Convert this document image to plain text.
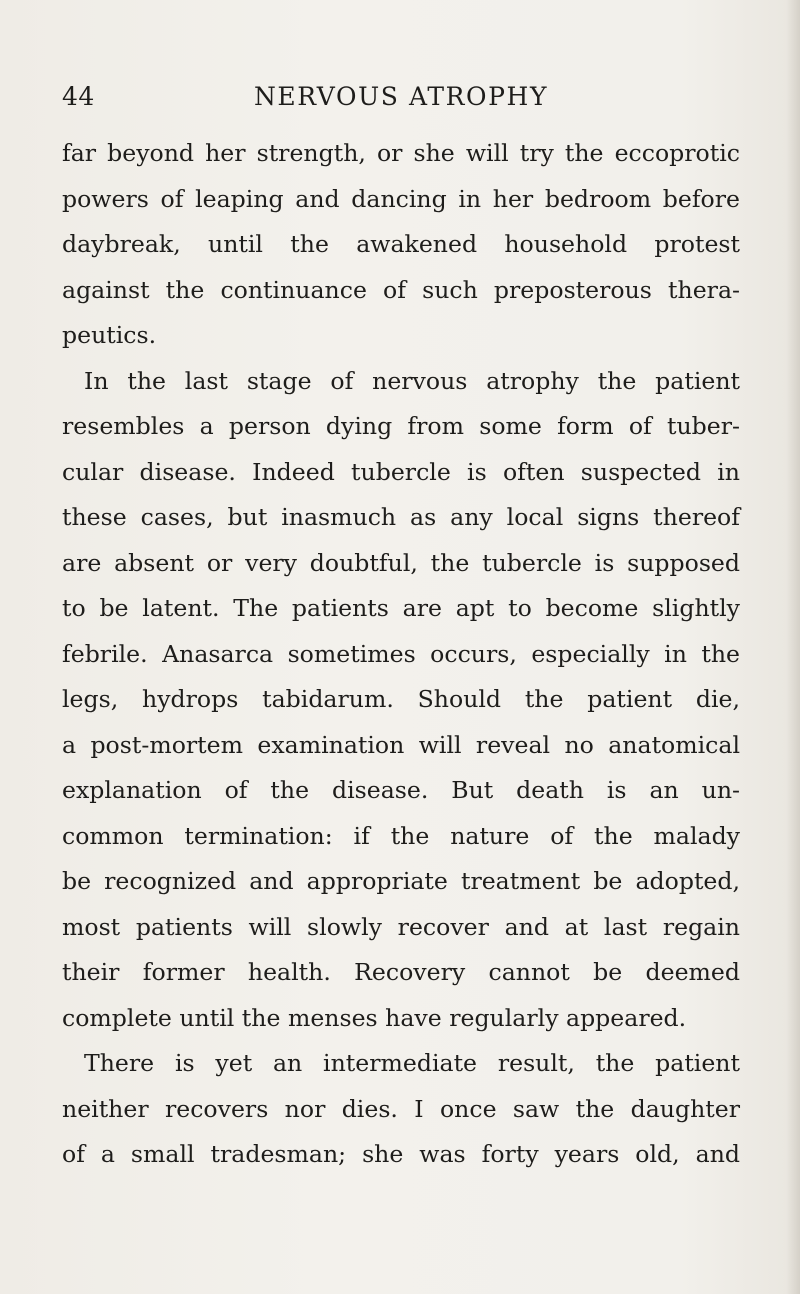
44	NERVOUS ATROPHY
far beyond her strength, or she will try the eccoprotic
powers of leaping and dancing in her bedroom before
daybreak, until the awakened household protest
against the continuance of such preposterous thera-
peutics.
In the last stage of nervous atrophy the patient
resembles a person dying from some form of tuber-
cular disease. Indeed tubercle is often suspected in
these cases, but inasmuch as any local signs thereof
are absent or very doubtful, the tubercle is supposed
to be latent. The patients are apt to become slightly
febrile. Anasarca sometimes occurs, especially in the
legs, hydrops tabidarum. Should the patient die,
a post-mortem examination will reveal no anatomical
explanation of the disease. But death is an un-
common termination: if the nature of the malady
be recognized and appropriate treatment be adopted,
most patients will slowly recover and at last regain
their former health. Recovery cannot be deemed
complete until the menses have regularly appeared.
There is yet an intermediate result, the patient
neither recovers nor dies. I once saw the daughter
of a small tradesman; she was forty years old, and
